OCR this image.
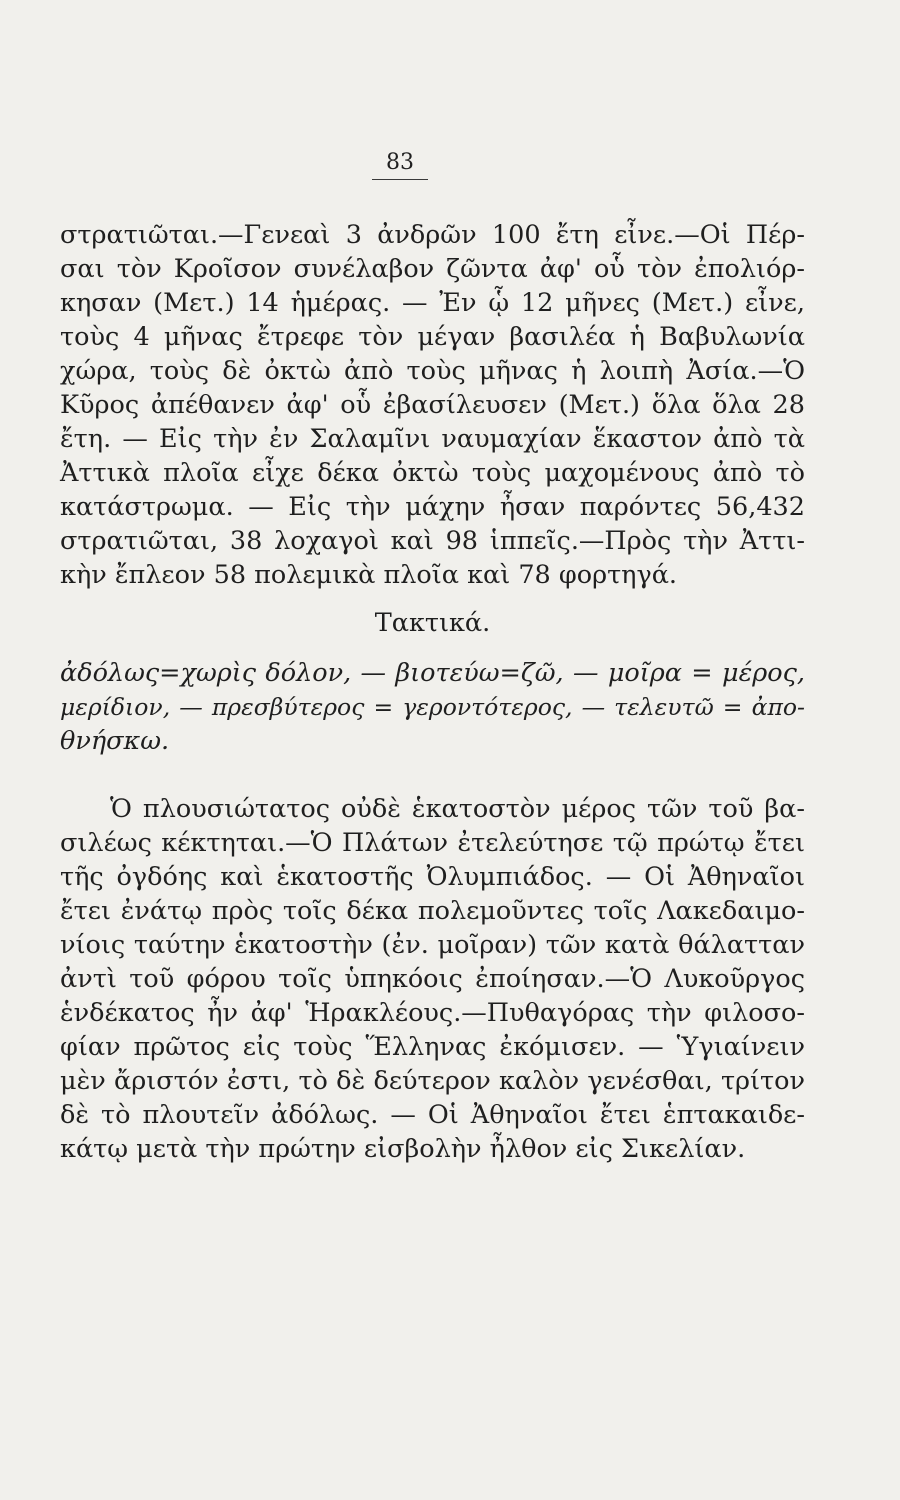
83
στρατιῶται.—Γενεαὶ 3 ἀνδρῶν 100 ἔτη εἶνε.—Οἱ Πέρ-
σαι τὸν Κροῖσον συνέλαβον ζῶντα ἀφ' οὗ τὸν ἐπολιόρ-
κησαν (Μετ.) 14 ἡμέρας. — Ἐν ᾧ 12 μῆνες (Μετ.) εἶνε,
τοὺς 4 μῆνας ἔτρεφε τὸν μέγαν βασιλέα ἡ Βαβυλωνία
χώρα, τοὺς δὲ ὀκτὼ ἀπὸ τοὺς μῆνας ἡ λοιπὴ Ἀσία.—Ὁ
Κῦρος ἀπέθανεν ἀφ' οὗ ἐβασίλευσεν (Μετ.) ὅλα ὅλα 28
ἔτη. — Εἰς τὴν ἐν Σαλαμῖνι ναυμαχίαν ἕκαστον ἀπὸ τὰ
Ἀττικὰ πλοῖα εἶχε δέκα ὀκτὼ τοὺς μαχομένους ἀπὸ τὸ
κατάστρωμα. — Εἰς τὴν μάχην ἦσαν παρόντες 56,432
στρατιῶται, 38 λοχαγοὶ καὶ 98 ἱππεῖς.—Πρὸς τὴν Ἀττι-
κὴν ἔπλεον 58 πολεμικὰ πλοῖα καὶ 78 φορτηγά.
Τακτικά.
ἀδόλως=χωρὶς δόλον, — βιοτεύω=ζῶ, — μοῖρα = μέρος,
μερίδιον, — πρεσβύτερος = γεροντότερος, — τελευτῶ = ἀπο-
θνήσκω.
Ὁ πλουσιώτατος οὐδὲ ἑκατοστὸν μέρος τῶν τοῦ βα-
σιλέως κέκτηται.—Ὁ Πλάτων ἐτελεύτησε τῷ πρώτῳ ἔτει
τῆς ὀγδόης καὶ ἑκατοστῆς Ὀλυμπιάδος. — Οἱ Ἀθηναῖοι
ἔτει ἐνάτῳ πρὸς τοῖς δέκα πολεμοῦντες τοῖς Λακεδαιμο-
νίοις ταύτην ἑκατοστὴν (ἐν. μοῖραν) τῶν κατὰ θάλατταν
ἀντὶ τοῦ φόρου τοῖς ὑπηκόοις ἐποίησαν.—Ὁ Λυκοῦργος
ἑνδέκατος ἦν ἀφ' Ἡρακλέους.—Πυθαγόρας τὴν φιλοσο-
φίαν πρῶτος εἰς τοὺς Ἕλληνας ἐκόμισεν. — Ὑγιαίνειν
μὲν ἄριστόν ἐστι, τὸ δὲ δεύτερον καλὸν γενέσθαι, τρίτον
δὲ τὸ πλουτεῖν ἀδόλως. — Οἱ Ἀθηναῖοι ἔτει ἑπτακαιδε-
κάτῳ μετὰ τὴν πρώτην εἰσβολὴν ἦλθον εἰς Σικελίαν.
